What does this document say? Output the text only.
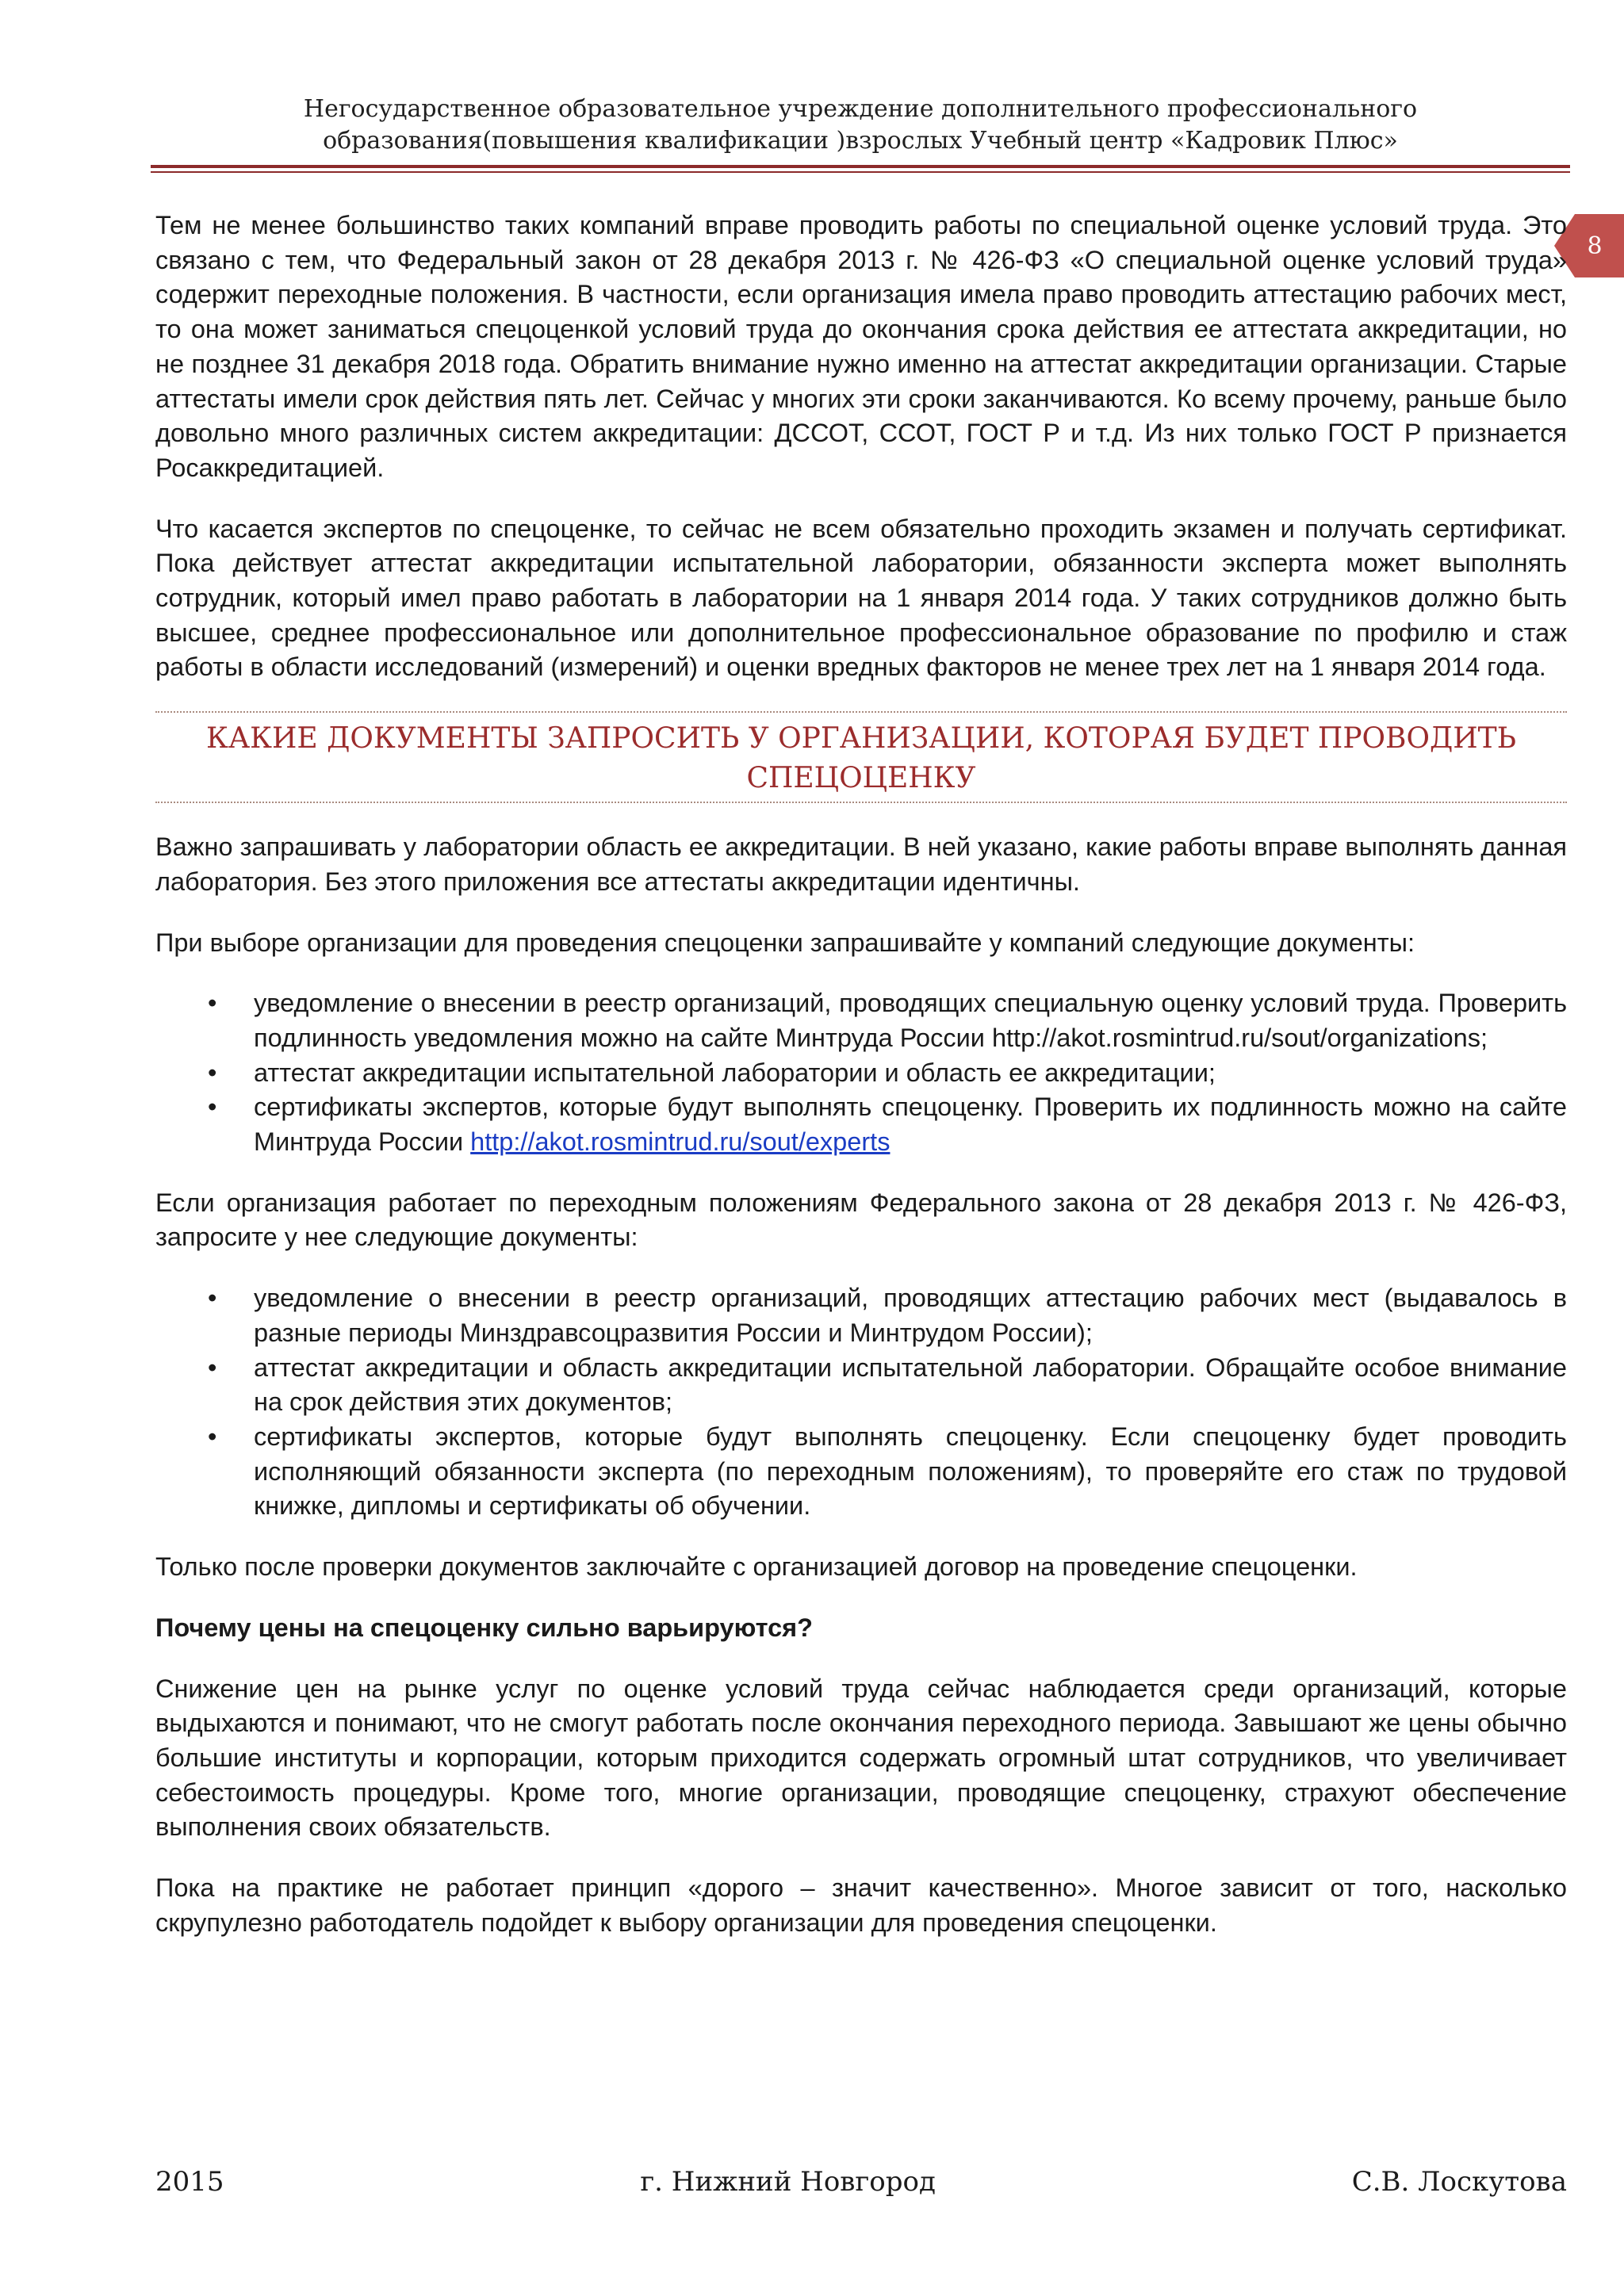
Негосударственное образовательное учреждение дополнительного профессионального
образования(повышения квалификации )взрослых Учебный центр «Кадровик Плюс»
8

Тем не менее большинство таких компаний вправе проводить работы по специальной оценке условий труда. Это связано с тем, что Федеральный закон от 28 декабря 2013 г. № 426-ФЗ «О специальной оценке условий труда» содержит переходные положения. В частности, если организация имела право проводить аттестацию рабочих мест, то она может заниматься спецоценкой условий труда до окончания срока действия ее аттестата аккредитации, но не позднее 31 декабря 2018 года. Обратить внимание нужно именно на аттестат аккредитации организации. Старые аттестаты имели срок действия пять лет. Сейчас у многих эти сроки заканчиваются. Ко всему прочему, раньше было довольно много различных систем аккредитации: ДССОТ, ССОТ, ГОСТ Р и т.д. Из них только ГОСТ Р признается Росаккредитацией.

Что касается экспертов по спецоценке, то сейчас не всем обязательно проходить экзамен и получать сертификат. Пока действует аттестат аккредитации испытательной лаборатории, обязанности эксперта может выполнять сотрудник, который имел право работать в лаборатории на 1 января 2014 года. У таких сотрудников должно быть высшее, среднее профессиональное или дополнительное профессиональное образование по профилю и стаж работы в области исследований (измерений) и оценки вредных факторов не менее трех лет на 1 января 2014 года.

КАКИЕ ДОКУМЕНТЫ ЗАПРОСИТЬ У ОРГАНИЗАЦИИ, КОТОРАЯ БУДЕТ ПРОВОДИТЬ
СПЕЦОЦЕНКУ

Важно запрашивать у лаборатории область ее аккредитации. В ней указано, какие работы вправе выполнять данная лаборатория. Без этого приложения все аттестаты аккредитации идентичны.

При выборе организации для проведения спецоценки запрашивайте у компаний следующие документы:

• уведомление о внесении в реестр организаций, проводящих специальную оценку условий труда. Проверить подлинность уведомления можно на сайте Минтруда России http://akot.rosmintrud.ru/sout/organizations;
• аттестат аккредитации испытательной лаборатории и область ее аккредитации;
• сертификаты экспертов, которые будут выполнять спецоценку. Проверить их подлинность можно на сайте Минтруда России http://akot.rosmintrud.ru/sout/experts

Если организация работает по переходным положениям Федерального закона от 28 декабря 2013 г. № 426-ФЗ, запросите у нее следующие документы:

• уведомление о внесении в реестр организаций, проводящих аттестацию рабочих мест (выдавалось в разные периоды Минздравсоцразвития России и Минтрудом России);
• аттестат аккредитации и область аккредитации испытательной лаборатории. Обращайте особое внимание на срок действия этих документов;
• сертификаты экспертов, которые будут выполнять спецоценку. Если спецоценку будет проводить исполняющий обязанности эксперта (по переходным положениям), то проверяйте его стаж по трудовой книжке, дипломы и сертификаты об обучении.

Только после проверки документов заключайте с организацией договор на проведение спецоценки.

Почему цены на спецоценку сильно варьируются?

Снижение цен на рынке услуг по оценке условий труда сейчас наблюдается среди организаций, которые выдыхаются и понимают, что не смогут работать после окончания переходного периода. Завышают же цены обычно большие институты и корпорации, которым приходится содержать огромный штат сотрудников, что увеличивает себестоимость процедуры. Кроме того, многие организации, проводящие спецоценку, страхуют обеспечение выполнения своих обязательств.

Пока на практике не работает принцип «дорого – значит качественно». Многое зависит от того, насколько скрупулезно работодатель подойдет к выбору организации для проведения спецоценки.

2015	г. Нижний Новгород	С.В. Лоскутова
